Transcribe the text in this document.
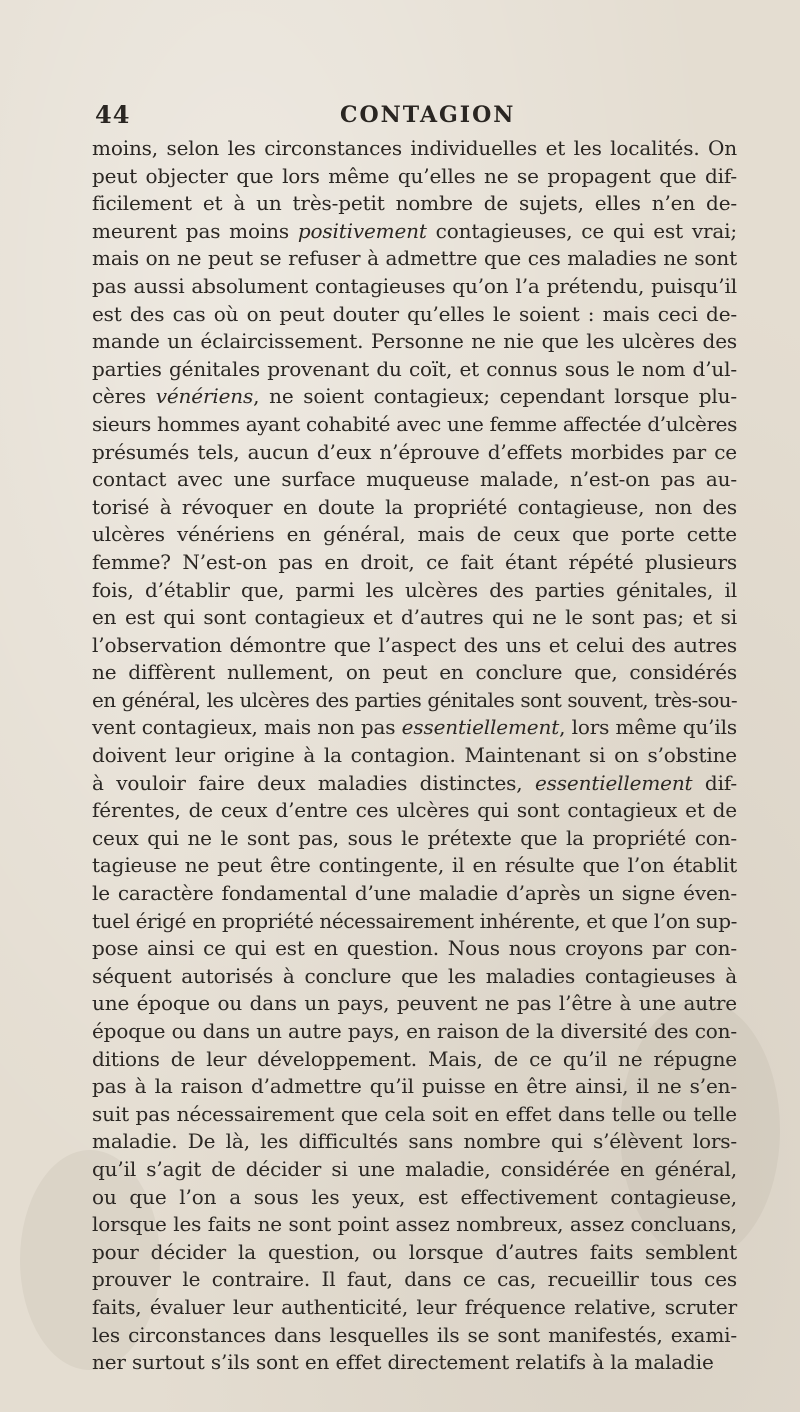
44	CONTAGION
moins, selon les circonstances individuelles et les localités. On
peut objecter que lors même qu’elles ne se propagent que dif-
ficilement et à un très-petit nombre de sujets, elles n’en de-
meurent pas moins positivement contagieuses, ce qui est vrai;
mais on ne peut se refuser à admettre que ces maladies ne sont
pas aussi absolument contagieuses qu’on l’a prétendu, puisqu’il
est des cas où on peut douter qu’elles le soient : mais ceci de-
mande un éclaircissement. Personne ne nie que les ulcères des
parties génitales provenant du coït, et connus sous le nom d’ul-
cères vénériens, ne soient contagieux; cependant lorsque plu-
sieurs hommes ayant cohabité avec une femme affectée d’ulcères
présumés tels, aucun d’eux n’éprouve d’effets morbides par ce
contact avec une surface muqueuse malade, n’est-on pas au-
torisé à révoquer en doute la propriété contagieuse, non des
ulcères vénériens en général, mais de ceux que porte cette
femme? N’est-on pas en droit, ce fait étant répété plusieurs
fois, d’établir que, parmi les ulcères des parties génitales, il
en est qui sont contagieux et d’autres qui ne le sont pas; et si
l’observation démontre que l’aspect des uns et celui des autres
ne diffèrent nullement, on peut en conclure que, considérés
en général, les ulcères des parties génitales sont souvent, très-sou-
vent contagieux, mais non pas essentiellement, lors même qu’ils
doivent leur origine à la contagion. Maintenant si on s’obstine
à vouloir faire deux maladies distinctes, essentiellement dif-
férentes, de ceux d’entre ces ulcères qui sont contagieux et de
ceux qui ne le sont pas, sous le prétexte que la propriété con-
tagieuse ne peut être contingente, il en résulte que l’on établit
le caractère fondamental d’une maladie d’après un signe éven-
tuel érigé en propriété nécessairement inhérente, et que l’on sup-
pose ainsi ce qui est en question. Nous nous croyons par con-
séquent autorisés à conclure que les maladies contagieuses à
une époque ou dans un pays, peuvent ne pas l’être à une autre
époque ou dans un autre pays, en raison de la diversité des con-
ditions de leur développement. Mais, de ce qu’il ne répugne
pas à la raison d’admettre qu’il puisse en être ainsi, il ne s’en-
suit pas nécessairement que cela soit en effet dans telle ou telle
maladie. De là, les difficultés sans nombre qui s’élèvent lors-
qu’il s’agit de décider si une maladie, considérée en général,
ou que l’on a sous les yeux, est effectivement contagieuse,
lorsque les faits ne sont point assez nombreux, assez concluans,
pour décider la question, ou lorsque d’autres faits semblent
prouver le contraire. Il faut, dans ce cas, recueillir tous ces
faits, évaluer leur authenticité, leur fréquence relative, scruter
les circonstances dans lesquelles ils se sont manifestés, exami-
ner surtout s’ils sont en effet directement relatifs à la maladie
